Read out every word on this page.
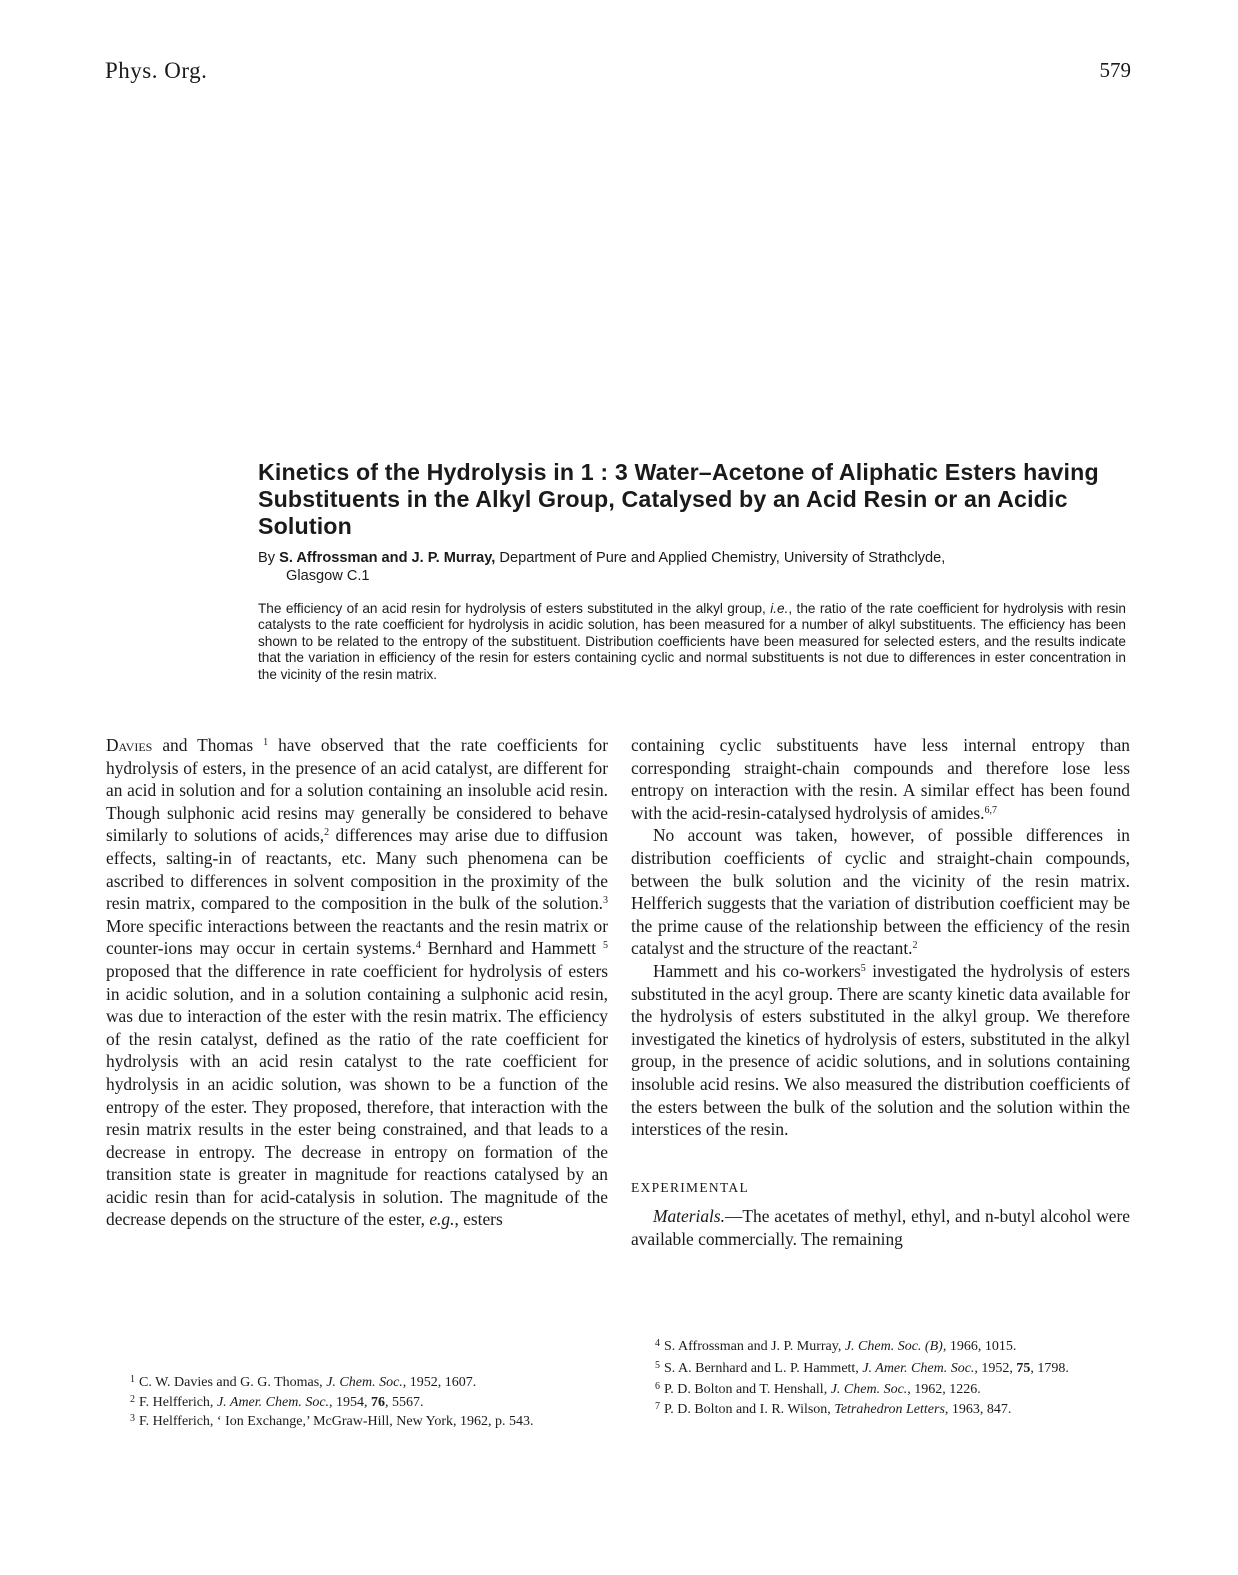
Phys. Org.	579
Kinetics of the Hydrolysis in 1 : 3 Water–Acetone of Aliphatic Esters having Substituents in the Alkyl Group, Catalysed by an Acid Resin or an Acidic Solution
By S. Affrossman and J. P. Murray, Department of Pure and Applied Chemistry, University of Strathclyde,
Glasgow C.1
The efficiency of an acid resin for hydrolysis of esters substituted in the alkyl group, i.e., the ratio of the rate coefficient for hydrolysis with resin catalysts to the rate coefficient for hydrolysis in acidic solution, has been measured for a number of alkyl substituents. The efficiency has been shown to be related to the entropy of the substituent. Distribution coefficients have been measured for selected esters, and the results indicate that the variation in efficiency of the resin for esters containing cyclic and normal substituents is not due to differences in ester concentration in the vicinity of the resin matrix.

Davies and Thomas $^1$ have observed that the rate coefficients for hydrolysis of esters, in the presence of an acid catalyst, are different for an acid in solution and for a solution containing an insoluble acid resin. Though sulphonic acid resins may generally be considered to behave similarly to solutions of acids,$^2$ differences may arise due to diffusion effects, salting-in of reactants, etc. Many such phenomena can be ascribed to differences in solvent composition in the proximity of the resin matrix, compared to the composition in the bulk of the solution.$^3$ More specific interactions between the reactants and the resin matrix or counter-ions may occur in certain systems.$^4$ Bernhard and Hammett $^5$ proposed that the difference in rate coefficient for hydrolysis of esters in acidic solution, and in a solution containing a sulphonic acid resin, was due to interaction of the ester with the resin matrix. The efficiency of the resin catalyst, defined as the ratio of the rate coefficient for hydrolysis with an acid resin catalyst to the rate coefficient for hydrolysis in an acidic solution, was shown to be a function of the entropy of the ester. They proposed, therefore, that interaction with the resin matrix results in the ester being constrained, and that leads to a decrease in entropy. The decrease in entropy on formation of the transition state is greater in magnitude for reactions catalysed by an acidic resin than for acid-catalysis in solution. The magnitude of the decrease depends on the structure of the ester, e.g., esters

containing cyclic substituents have less internal entropy than corresponding straight-chain compounds and therefore lose less entropy on interaction with the resin. A similar effect has been found with the acid-resin-catalysed hydrolysis of amides.$^{6,7}$

No account was taken, however, of possible differences in distribution coefficients of cyclic and straight-chain compounds, between the bulk solution and the vicinity of the resin matrix. Helfferich suggests that the variation of distribution coefficient may be the prime cause of the relationship between the efficiency of the resin catalyst and the structure of the reactant.$^2$

Hammett and his co-workers$^5$ investigated the hydrolysis of esters substituted in the acyl group. There are scanty kinetic data available for the hydrolysis of esters substituted in the alkyl group. We therefore investigated the kinetics of hydrolysis of esters, substituted in the alkyl group, in the presence of acidic solutions, and in solutions containing insoluble acid resins. We also measured the distribution coefficients of the esters between the bulk of the solution and the solution within the interstices of the resin.

EXPERIMENTAL

Materials.—The acetates of methyl, ethyl, and n-butyl alcohol were available commercially. The remaining

$^1$ C. W. Davies and G. G. Thomas, J. Chem. Soc., 1952, 1607.

$^2$ F. Helfferich, J. Amer. Chem. Soc., 1954, 76, 5567.

$^3$ F. Helfferich, ‘ Ion Exchange,’ McGraw-Hill, New York, 1962, p. 543.

$^4$ S. Affrossman and J. P. Murray, J. Chem. Soc. (B), 1966, 1015.

$^5$ S. A. Bernhard and L. P. Hammett, J. Amer. Chem. Soc., 1952, 75, 1798.

$^6$ P. D. Bolton and T. Henshall, J. Chem. Soc., 1962, 1226.

$^7$ P. D. Bolton and I. R. Wilson, Tetrahedron Letters, 1963, 847.
